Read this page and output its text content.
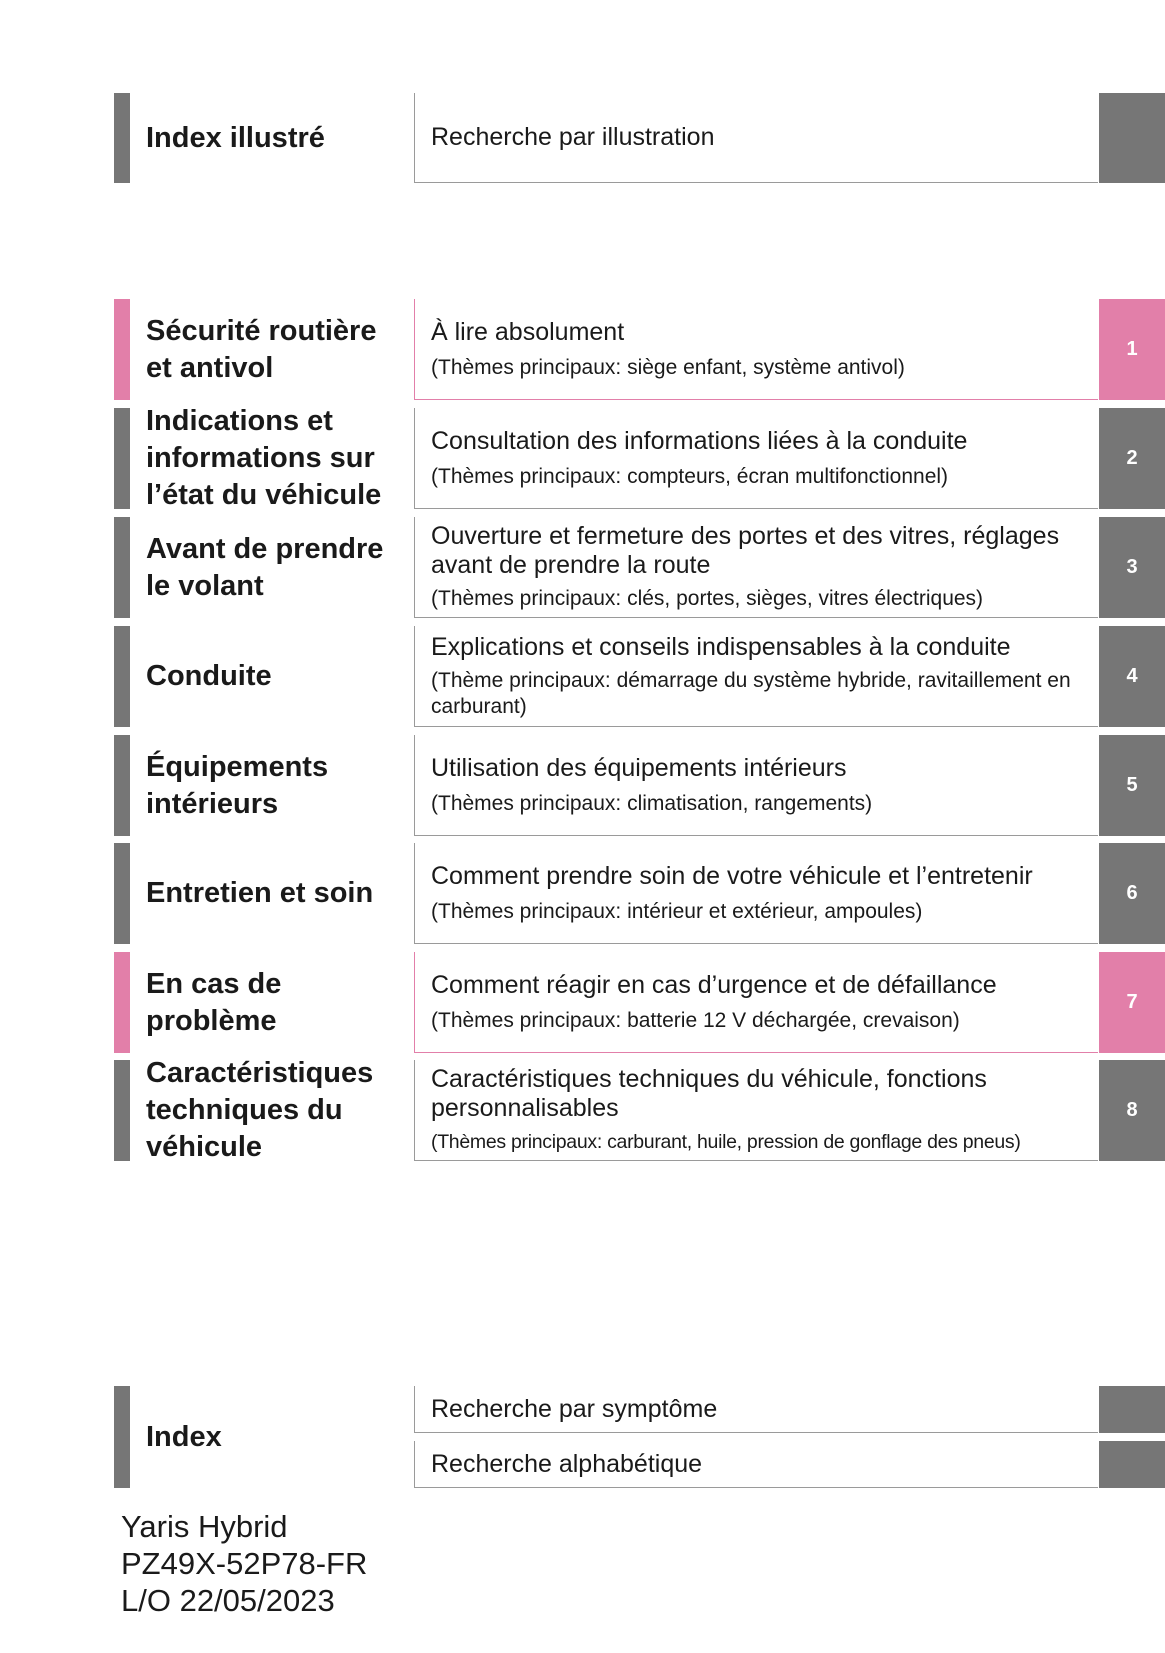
Index illustré	Recherche par illustration
Sécurité routière et antivol
À lire absolument
(Thèmes principaux: siège enfant, système antivol)
1
Indications et informations sur l’état du véhicule
Consultation des informations liées à la conduite
(Thèmes principaux: compteurs, écran multifonctionnel)
2
Avant de prendre le volant
Ouverture et fermeture des portes et des vitres, réglages avant de prendre la route
(Thèmes principaux: clés, portes, sièges, vitres électriques)
3
Conduite
Explications et conseils indispensables à la conduite
(Thème principaux: démarrage du système hybride, ravitaillement en carburant)
4
Équipements intérieurs
Utilisation des équipements intérieurs
(Thèmes principaux: climatisation, rangements)
5
Entretien et soin
Comment prendre soin de votre véhicule et l’entretenir
(Thèmes principaux: intérieur et extérieur, ampoules)
6
En cas de problème
Comment réagir en cas d’urgence et de défaillance
(Thèmes principaux: batterie 12 V déchargée, crevaison)
7
Caractéristiques techniques du véhicule
Caractéristiques techniques du véhicule, fonctions personnalisables
(Thèmes principaux: carburant, huile, pression de gonflage des pneus)
8
Index
Recherche par symptôme
Recherche alphabétique
Yaris Hybrid
PZ49X-52P78-FR
L/O 22/05/2023
